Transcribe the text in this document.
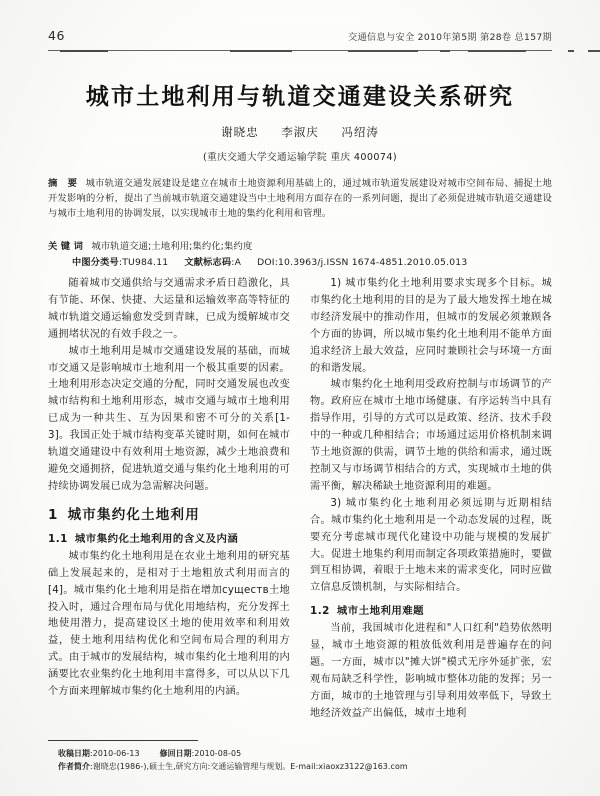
46	交通信息与安全 2010年第5期 第28卷 总157期
城市土地利用与轨道交通建设关系研究
谢晓忠 李淑庆 冯绍涛
(重庆交通大学交通运输学院 重庆 400074)
摘 要 城市轨道交通发展建设是建立在城市土地资源利用基础上的，通过城市轨道发展建设对城市空间布局、捕捉土地开发影响的分析，提出了当前城市轨道交通建设当中土地利用方面存在的一系列问题，提出了必须促进城市轨道交通建设与城市土地利用的协调发展，以实现城市土地的集约化利用和管理。
关键词 城市轨道交通;土地利用;集约化;集约度
中图分类号:TU984.11 文献标志码:A DOI:10.3963/j.ISSN 1674-4851.2010.05.013

随着城市交通供给与交通需求矛盾日趋激化，具有节能、环保、快捷、大运量和运输效率高等特征的城市轨道交通运输愈发受到青睐，已成为缓解城市交通拥堵状况的有效手段之一。

城市土地利用是城市交通建设发展的基础，而城市交通又是影响城市土地利用一个极其重要的因素。土地利用形态决定交通的分配，同时交通发展也改变城市结构和土地利用形态，城市交通与城市土地利用已成为一种共生、互为因果和密不可分的关系[1-3]。我国正处于城市结构变革关键时期，如何在城市轨道交通建设中有效利用土地资源，减少土地浪费和避免交通拥挤，促进轨道交通与集约化土地利用的可持续协调发展已成为急需解决问题。

1 城市集约化土地利用
1.1 城市集约化土地利用的含义及内涵

城市集约化土地利用是在农业土地利用的研究基础上发展起来的，是相对于土地粗放式利用而言的[4]。城市集约化土地利用是指在增加существ土地投入时，通过合理布局与优化用地结构，充分发挥土地使用潜力，提高建设区土地的使用效率和利用效益，使土地利用结构优化和空间布局合理的利用方式。由于城市的发展结构，城市集约化土地利用的内涵要比农业集约化土地利用丰富得多，可以从以下几个方面来理解城市集约化土地利用的内涵。

1) 城市集约化土地利用要求实现多个目标。城市集约化土地利用的目的是为了最大地发挥土地在城市经济发展中的推动作用，但城市的发展必须兼顾各个方面的协调，所以城市集约化土地利用不能单方面追求经济上最大效益，应同时兼顾社会与环境一方面的和谐发展。

城市集约化土地利用受政府控制与市场调节的产物。政府应在城市土地市场健康、有序运转当中具有指导作用，引导的方式可以是政策、经济、技术手段中的一种或几种相结合；市场通过运用价格机制来调节土地资源的供需，调节土地的供给和需求，通过既控制又与市场调节相结合的方式，实现城市土地的供需平衡，解决稀缺土地资源利用的难题。

3) 城市集约化土地利用必须远期与近期相结合。城市集约化土地利用是一个动态发展的过程，既要充分考虑城市现代化建设中功能与规模的发展扩大。促进土地集约利用而制定各项政策措施时，要做到互相协调，着眼于土地未来的需求变化，同时应做立信息反馈机制，与实际相结合。

1.2 城市土地利用难题

当前，我国城市化进程和"人口红利"趋势依然明显，城市土地资源的粗放低效利用是普遍存在的问题。一方面，城市以"摊大饼"模式无序外延扩张，宏观布局缺乏科学性，影响城市整体功能的发挥；另一方面，城市的土地管理与引导利用效率低下，导致土地经济效益产出偏低，城市土地利

收稿日期:2010-06-13	修回日期:2010-08-05
作者简介:谢晓忠(1986-),硕士生,研究方向:交通运输管理与规划。E-mail:xiaoxz3122@163.com
